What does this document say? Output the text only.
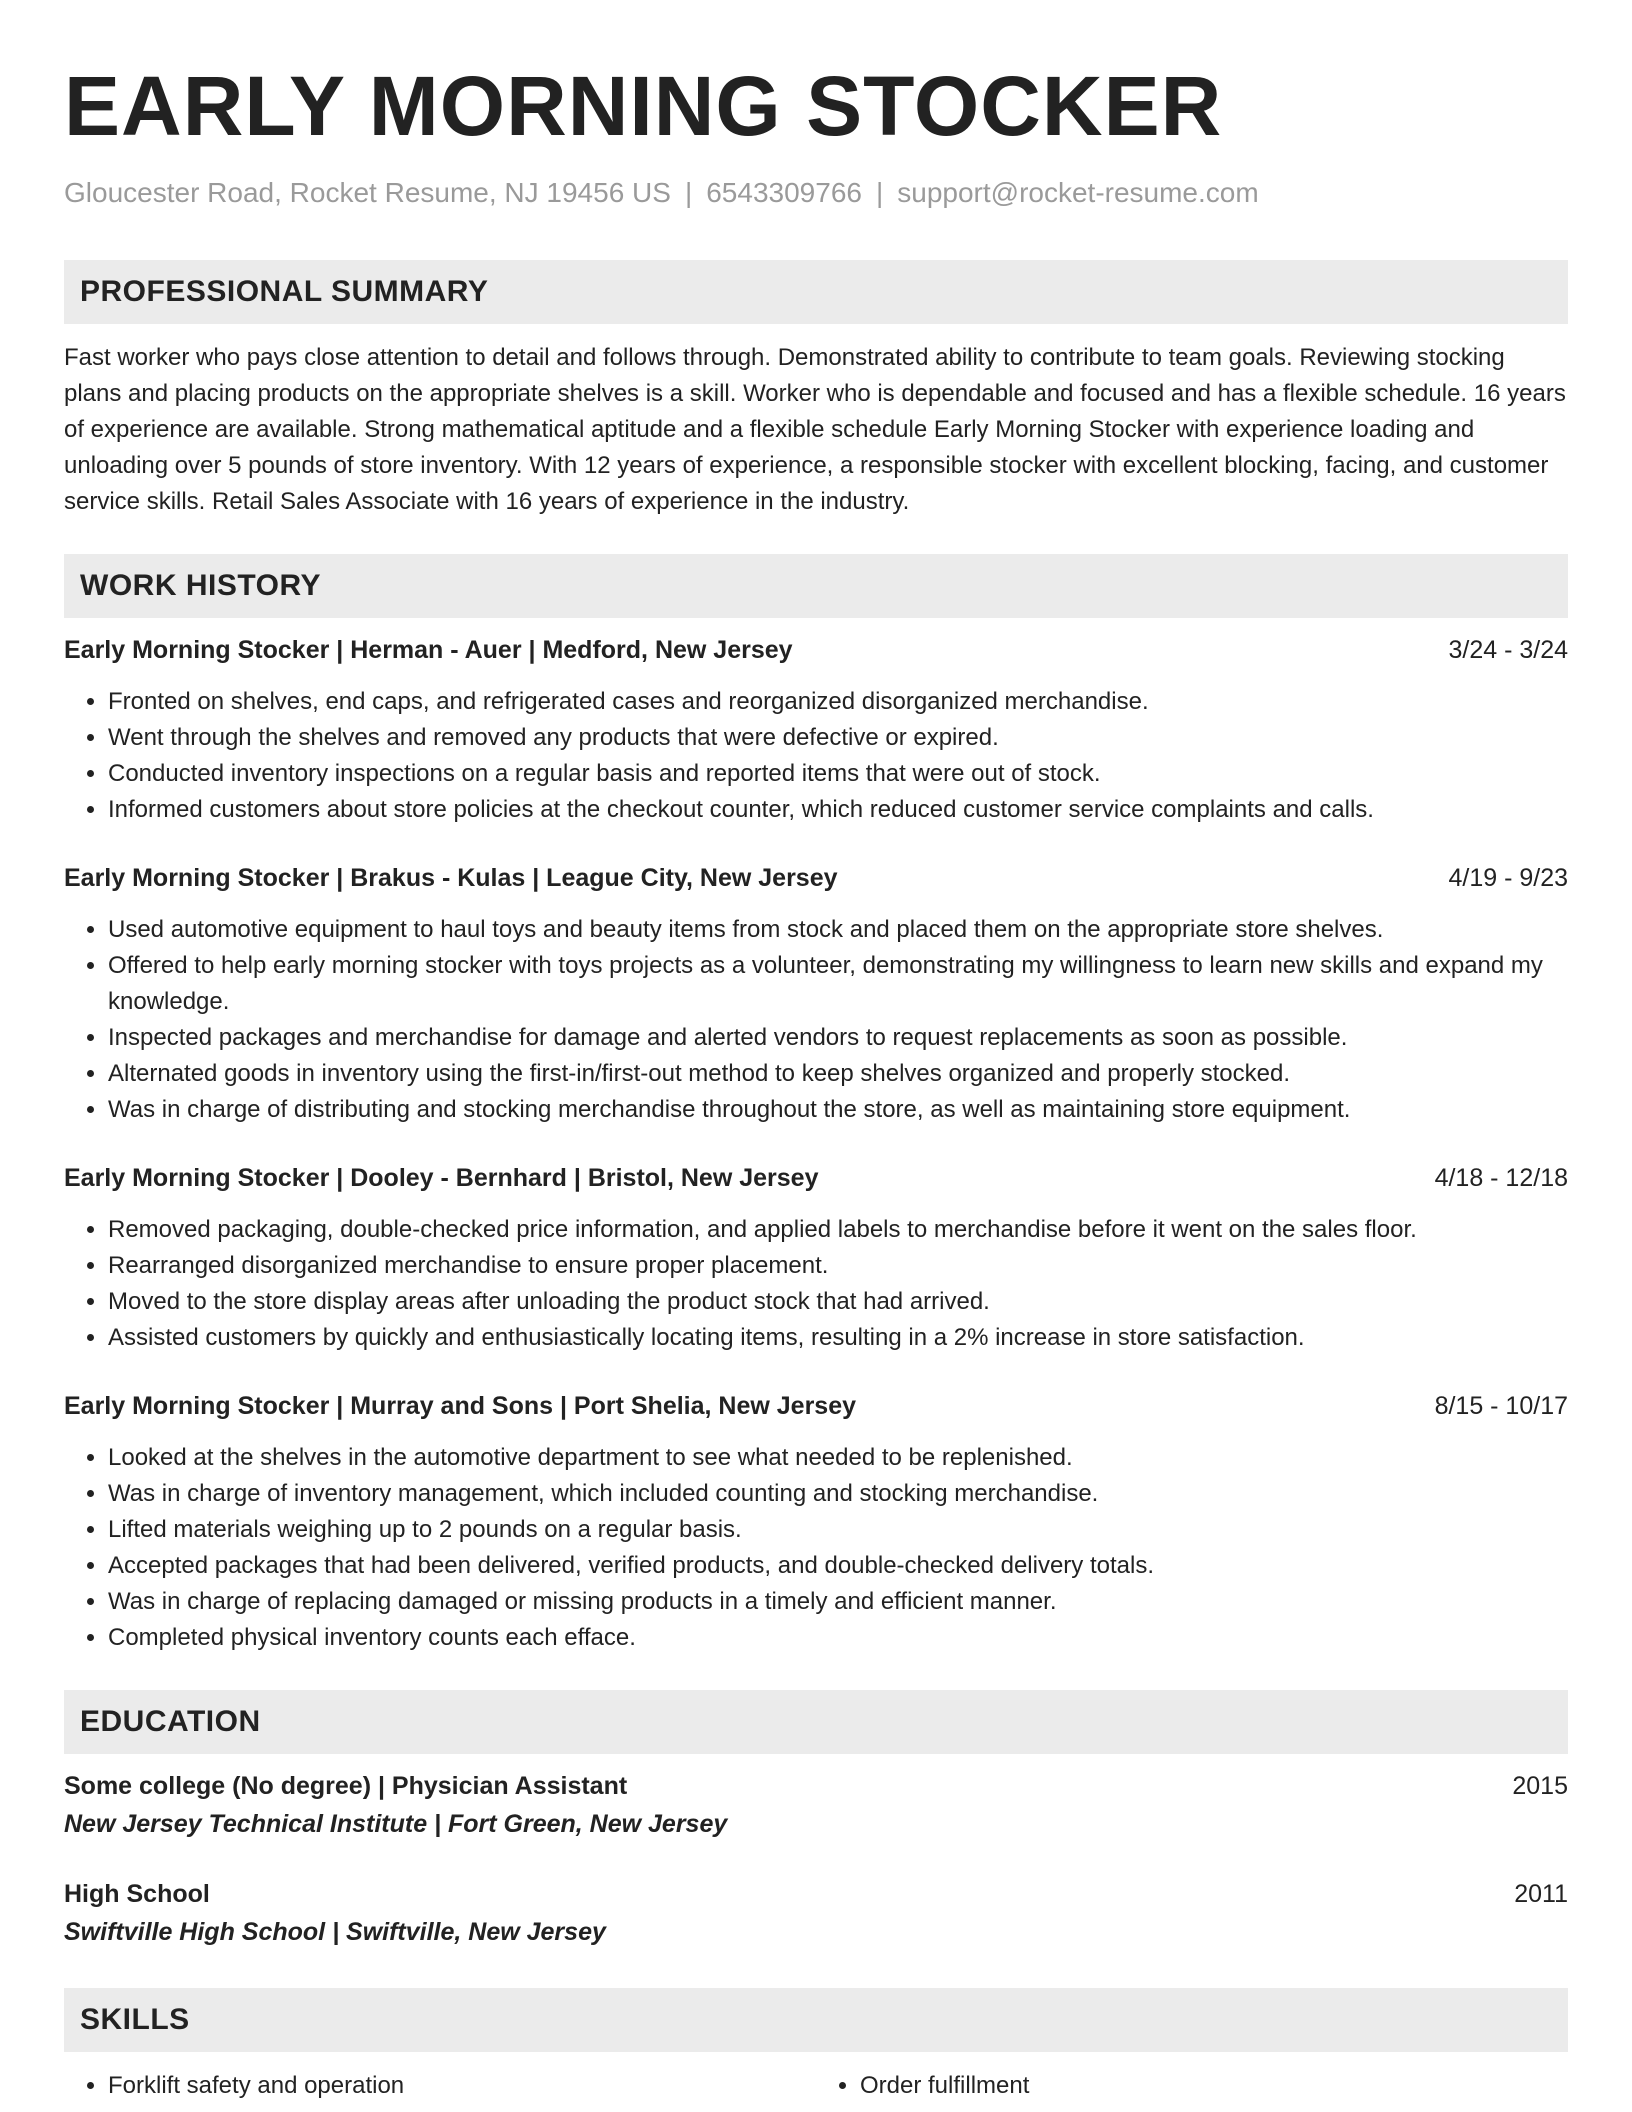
EARLY MORNING STOCKER
Gloucester Road, Rocket Resume, NJ 19456 US | 6543309766 | support@rocket-resume.com
PROFESSIONAL SUMMARY

Fast worker who pays close attention to detail and follows through. Demonstrated ability to contribute to team goals. Reviewing stocking plans and placing products on the appropriate shelves is a skill. Worker who is dependable and focused and has a flexible schedule. 16 years of experience are available. Strong mathematical aptitude and a flexible schedule Early Morning Stocker with experience loading and unloading over 5 pounds of store inventory. With 12 years of experience, a responsible stocker with excellent blocking, facing, and customer service skills. Retail Sales Associate with 16 years of experience in the industry.

WORK HISTORY
Early Morning Stocker | Herman - Auer | Medford, New Jersey	3/24 - 3/24
• Fronted on shelves, end caps, and refrigerated cases and reorganized disorganized merchandise.
• Went through the shelves and removed any products that were defective or expired.
• Conducted inventory inspections on a regular basis and reported items that were out of stock.
• Informed customers about store policies at the checkout counter, which reduced customer service complaints and calls.
Early Morning Stocker | Brakus - Kulas | League City, New Jersey	4/19 - 9/23
• Used automotive equipment to haul toys and beauty items from stock and placed them on the appropriate store shelves.
• Offered to help early morning stocker with toys projects as a volunteer, demonstrating my willingness to learn new skills and expand my knowledge.
• Inspected packages and merchandise for damage and alerted vendors to request replacements as soon as possible.
• Alternated goods in inventory using the first-in/first-out method to keep shelves organized and properly stocked.
• Was in charge of distributing and stocking merchandise throughout the store, as well as maintaining store equipment.
Early Morning Stocker | Dooley - Bernhard | Bristol, New Jersey	4/18 - 12/18
• Removed packaging, double-checked price information, and applied labels to merchandise before it went on the sales floor.
• Rearranged disorganized merchandise to ensure proper placement.
• Moved to the store display areas after unloading the product stock that had arrived.
• Assisted customers by quickly and enthusiastically locating items, resulting in a 2% increase in store satisfaction.
Early Morning Stocker | Murray and Sons | Port Shelia, New Jersey	8/15 - 10/17
• Looked at the shelves in the automotive department to see what needed to be replenished.
• Was in charge of inventory management, which included counting and stocking merchandise.
• Lifted materials weighing up to 2 pounds on a regular basis.
• Accepted packages that had been delivered, verified products, and double-checked delivery totals.
• Was in charge of replacing damaged or missing products in a timely and efficient manner.
• Completed physical inventory counts each efface.
EDUCATION
Some college (No degree) | Physician Assistant	2015
New Jersey Technical Institute | Fort Green, New Jersey
High School	2011
Swiftville High School | Swiftville, New Jersey
SKILLS
• Forklift safety and operation
•	Order fulfillment
